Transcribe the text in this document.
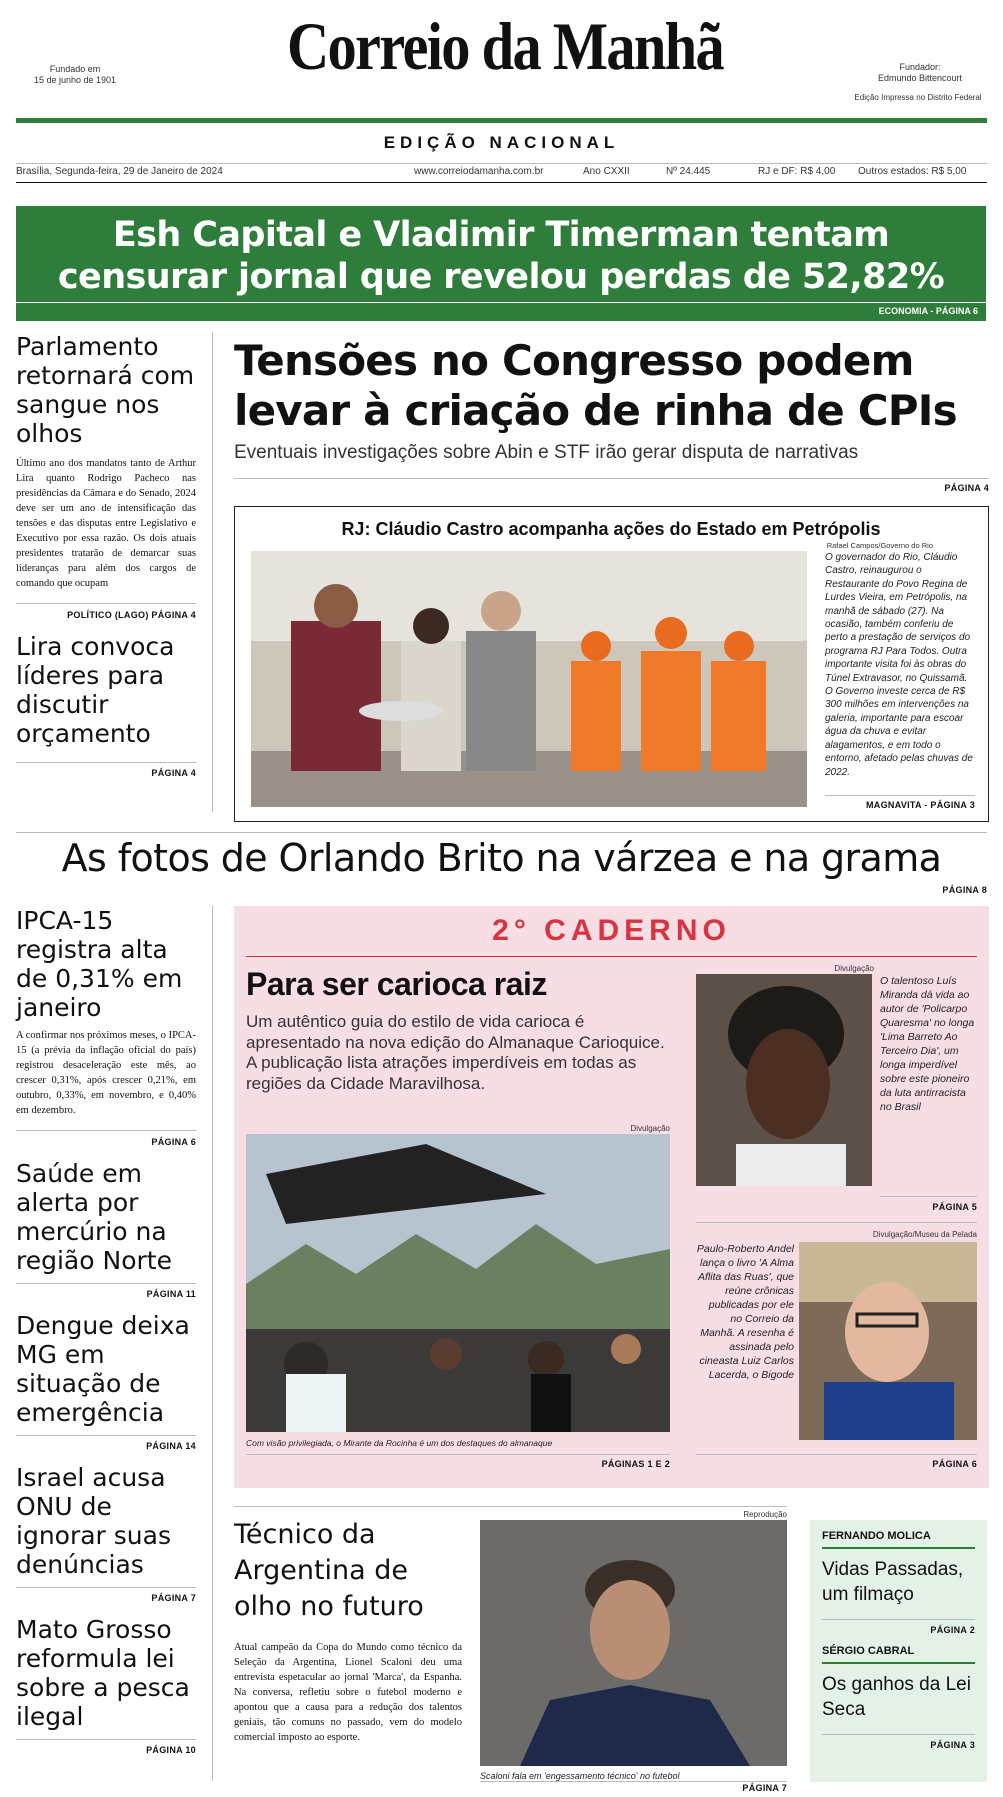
Fundado em
15 de junho de 1901	Correio da Manhã	Fundador:
Edmundo Bittencourt
Edição Impressa no Distrito Federal
EDIÇÃO NACIONAL
Brasília, Segunda-feira, 29 de Janeiro de 2024	www.correiodamanha.com.br	Ano CXXII	Nº 24.445	RJ e DF: R$ 4,00 Outros estados: R$ 5,00
Esh Capital e Vladimir Timerman tentam
censurar jornal que revelou perdas de 52,82%
ECONOMIA - PÁGINA 6
Parlamento retornará com sangue nos olhos
Último ano dos mandatos tanto de Arthur Lira quanto Rodrigo Pacheco nas presidências da Câmara e do Senado, 2024 deve ser um ano de intensificação das tensões e das disputas entre Legislativo e Executivo por essa razão. Os dois atuais presidentes tratarão de demarcar suas lideranças para além dos cargos de comando que ocupam
POLÍTICO (LAGO) PÁGINA 4
Lira convoca líderes para discutir orçamento
PÁGINA 4
IPCA-15 registra alta de 0,31% em janeiro
A confirmar nos próximos meses, o IPCA-15 (a prévia da inflação oficial do país) registrou desaceleração este mês, ao crescer 0,31%, após crescer 0,21%, em outubro, 0,33%, em novembro, e 0,40% em dezembro.
PÁGINA 6
Saúde em alerta por mercúrio na região Norte
PÁGINA 11
Dengue deixa MG em situação de emergência
PÁGINA 14
Israel acusa ONU de ignorar suas denúncias
PÁGINA 7
Mato Grosso reformula lei sobre a pesca ilegal
PÁGINA 10
Tensões no Congresso podem
levar à criação de rinha de CPIs
Eventuais investigações sobre Abin e STF irão gerar disputa de narrativas
PÁGINA 4
RJ: Cláudio Castro acompanha ações do Estado em Petrópolis
Rafael Campos/Governo do Rio
O governador do Rio, Cláudio Castro, reinaugurou o Restaurante do Povo Regina de Lurdes Vieira, em Petrópolis, na manhã de sábado (27). Na ocasião, também conferiu de perto a prestação de serviços do programa RJ Para Todos. Outra importante visita foi às obras do Túnel Extravasor, no Quissamã. O Governo investe cerca de R$ 300 milhões em intervenções na galeria, importante para escoar água da chuva e evitar alagamentos, e em todo o entorno, afetado pelas chuvas de 2022.
MAGNAVITA - PÁGINA 3
As fotos de Orlando Brito na várzea e na grama
PÁGINA 8
2° CADERNO
Para ser carioca raiz
Um autêntico guia do estilo de vida carioca é apresentado na nova edição do Almanaque Carioquice. A publicação lista atrações imperdíveis em todas as regiões da Cidade Maravilhosa.
Divulgação
Com visão privilegiada, o Mirante da Rocinha é um dos destaques do almanaque
PÁGINAS 1 E 2
Divulgação
O talentoso Luís Miranda dá vida ao autor de 'Policarpo Quaresma' no longa 'Lima Barreto Ao Terceiro Dia', um longa imperdível sobre este pioneiro da luta antirracista no Brasil
PÁGINA 5
Divulgação/Museu da Pelada
Paulo-Roberto Andel lança o livro 'A Alma Aflita das Ruas', que reúne crônicas publicadas por ele no Correio da Manhã. A resenha é assinada pelo cineasta Luiz Carlos Lacerda, o Bigode
PÁGINA 6
Técnico da Argentina de olho no futuro
Atual campeão da Copa do Mundo como técnico da Seleção da Argentina, Lionel Scaloni deu uma entrevista espetacular ao jornal 'Marca', da Espanha. Na conversa, refletiu sobre o futebol moderno e apontou que a causa para a redução dos talentos geniais, tão comuns no passado, vem do modelo comercial imposto ao esporte.
Reprodução
Scaloni fala em 'engessamento técnico' no futebol
PÁGINA 7
FERNANDO MOLICA
Vidas Passadas, um filmaço
PÁGINA 2
SÉRGIO CABRAL
Os ganhos da Lei Seca
PÁGINA 3
